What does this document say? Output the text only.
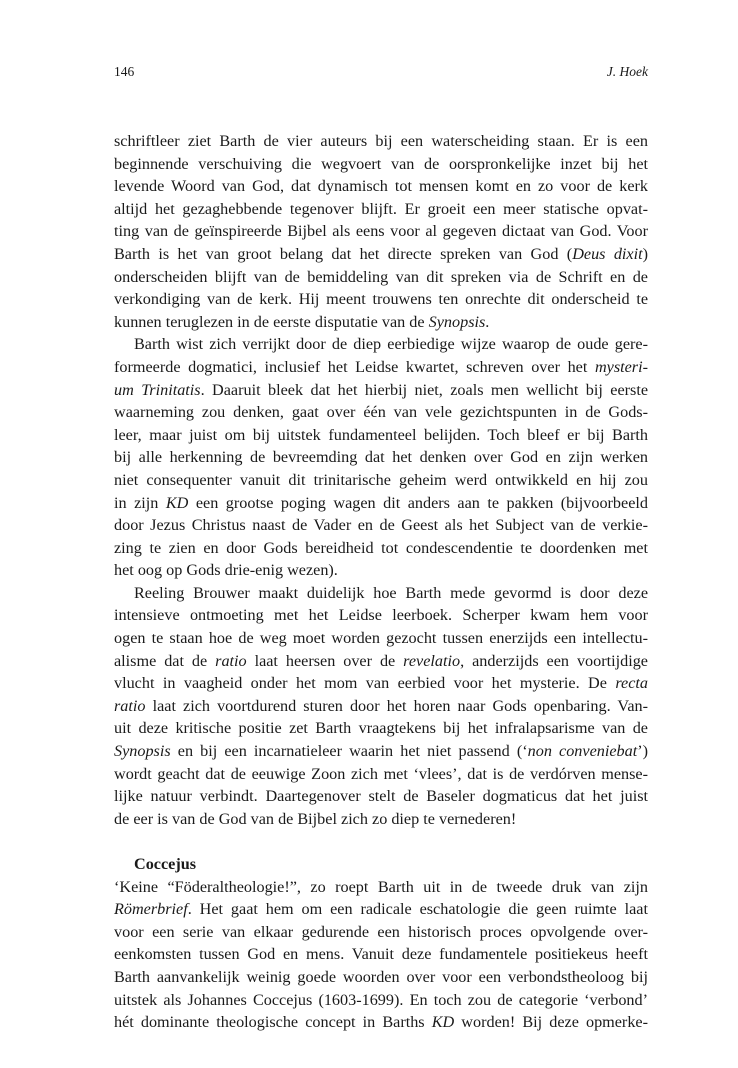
146	J. Hoek
schriftleer ziet Barth de vier auteurs bij een waterscheiding staan. Er is een
beginnende verschuiving die wegvoert van de oorspronkelijke inzet bij het
levende Woord van God, dat dynamisch tot mensen komt en zo voor de kerk
altijd het gezaghebbende tegenover blijft. Er groeit een meer statische opvat-
ting van de geïnspireerde Bijbel als eens voor al gegeven dictaat van God. Voor
Barth is het van groot belang dat het directe spreken van God (Deus dixit)
onderscheiden blijft van de bemiddeling van dit spreken via de Schrift en de
verkondiging van de kerk. Hij meent trouwens ten onrechte dit onderscheid te
kunnen teruglezen in de eerste disputatie van de Synopsis.
Barth wist zich verrijkt door de diep eerbiedige wijze waarop de oude gere-
formeerde dogmatici, inclusief het Leidse kwartet, schreven over het mysteri-
um Trinitatis. Daaruit bleek dat het hierbij niet, zoals men wellicht bij eerste
waarneming zou denken, gaat over één van vele gezichtspunten in de Gods-
leer, maar juist om bij uitstek fundamenteel belijden. Toch bleef er bij Barth
bij alle herkenning de bevreemding dat het denken over God en zijn werken
niet consequenter vanuit dit trinitarische geheim werd ontwikkeld en hij zou
in zijn KD een grootse poging wagen dit anders aan te pakken (bijvoorbeeld
door Jezus Christus naast de Vader en de Geest als het Subject van de verkie-
zing te zien en door Gods bereidheid tot condescendentie te doordenken met
het oog op Gods drie-enig wezen).
Reeling Brouwer maakt duidelijk hoe Barth mede gevormd is door deze
intensieve ontmoeting met het Leidse leerboek. Scherper kwam hem voor
ogen te staan hoe de weg moet worden gezocht tussen enerzijds een intellectu-
alisme dat de ratio laat heersen over de revelatio, anderzijds een voortijdige
vlucht in vaagheid onder het mom van eerbied voor het mysterie. De recta
ratio laat zich voortdurend sturen door het horen naar Gods openbaring. Van-
uit deze kritische positie zet Barth vraagtekens bij het infralapsarisme van de
Synopsis en bij een incarnatieleer waarin het niet passend (‘non conveniebat’)
wordt geacht dat de eeuwige Zoon zich met ‘vlees’, dat is de verdórven mense-
lijke natuur verbindt. Daartegenover stelt de Baseler dogmaticus dat het juist
de eer is van de God van de Bijbel zich zo diep te vernederen!
Coccejus
‘Keine “Föderaltheologie!”, zo roept Barth uit in de tweede druk van zijn
Römerbrief. Het gaat hem om een radicale eschatologie die geen ruimte laat
voor een serie van elkaar gedurende een historisch proces opvolgende over-
eenkomsten tussen God en mens. Vanuit deze fundamentele positiekeus heeft
Barth aanvankelijk weinig goede woorden over voor een verbondstheoloog bij
uitstek als Johannes Coccejus (1603-1699). En toch zou de categorie ‘verbond’
hét dominante theologische concept in Barths KD worden! Bij deze opmerke-
